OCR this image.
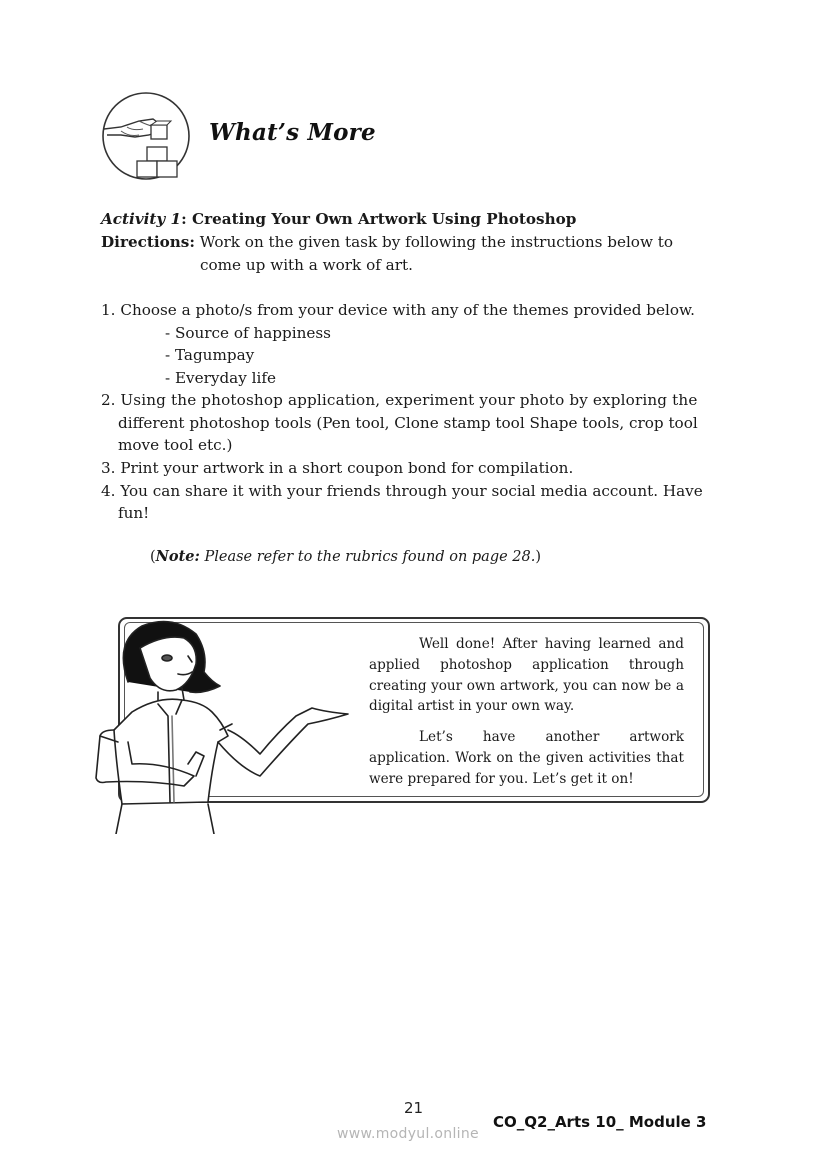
What’s More
Activity 1: Creating Your Own Artwork Using Photoshop
Directions: Work on the given task by following the instructions below to
come up with a work of art.
1. Choose a photo/s from your device with any of the themes provided below.
- Source of happiness
- Tagumpay
- Everyday life
2. Using the photoshop application, experiment your photo by exploring the
different photoshop tools (Pen tool, Clone stamp tool Shape tools, crop tool
move tool etc.)
3. Print your artwork in a short coupon bond for compilation.
4. You can share it with your friends through your social media account. Have
fun!
(Note: Please refer to the rubrics found on page 28.)

Well done! After having learned and applied photoshop application through creating your own artwork, you can now be a digital artist in your own way.

Let’s have another artwork application. Work on the given activities that were prepared for you. Let’s get it on!

21
CO_Q2_Arts 10_ Module 3
www.modyul.online
